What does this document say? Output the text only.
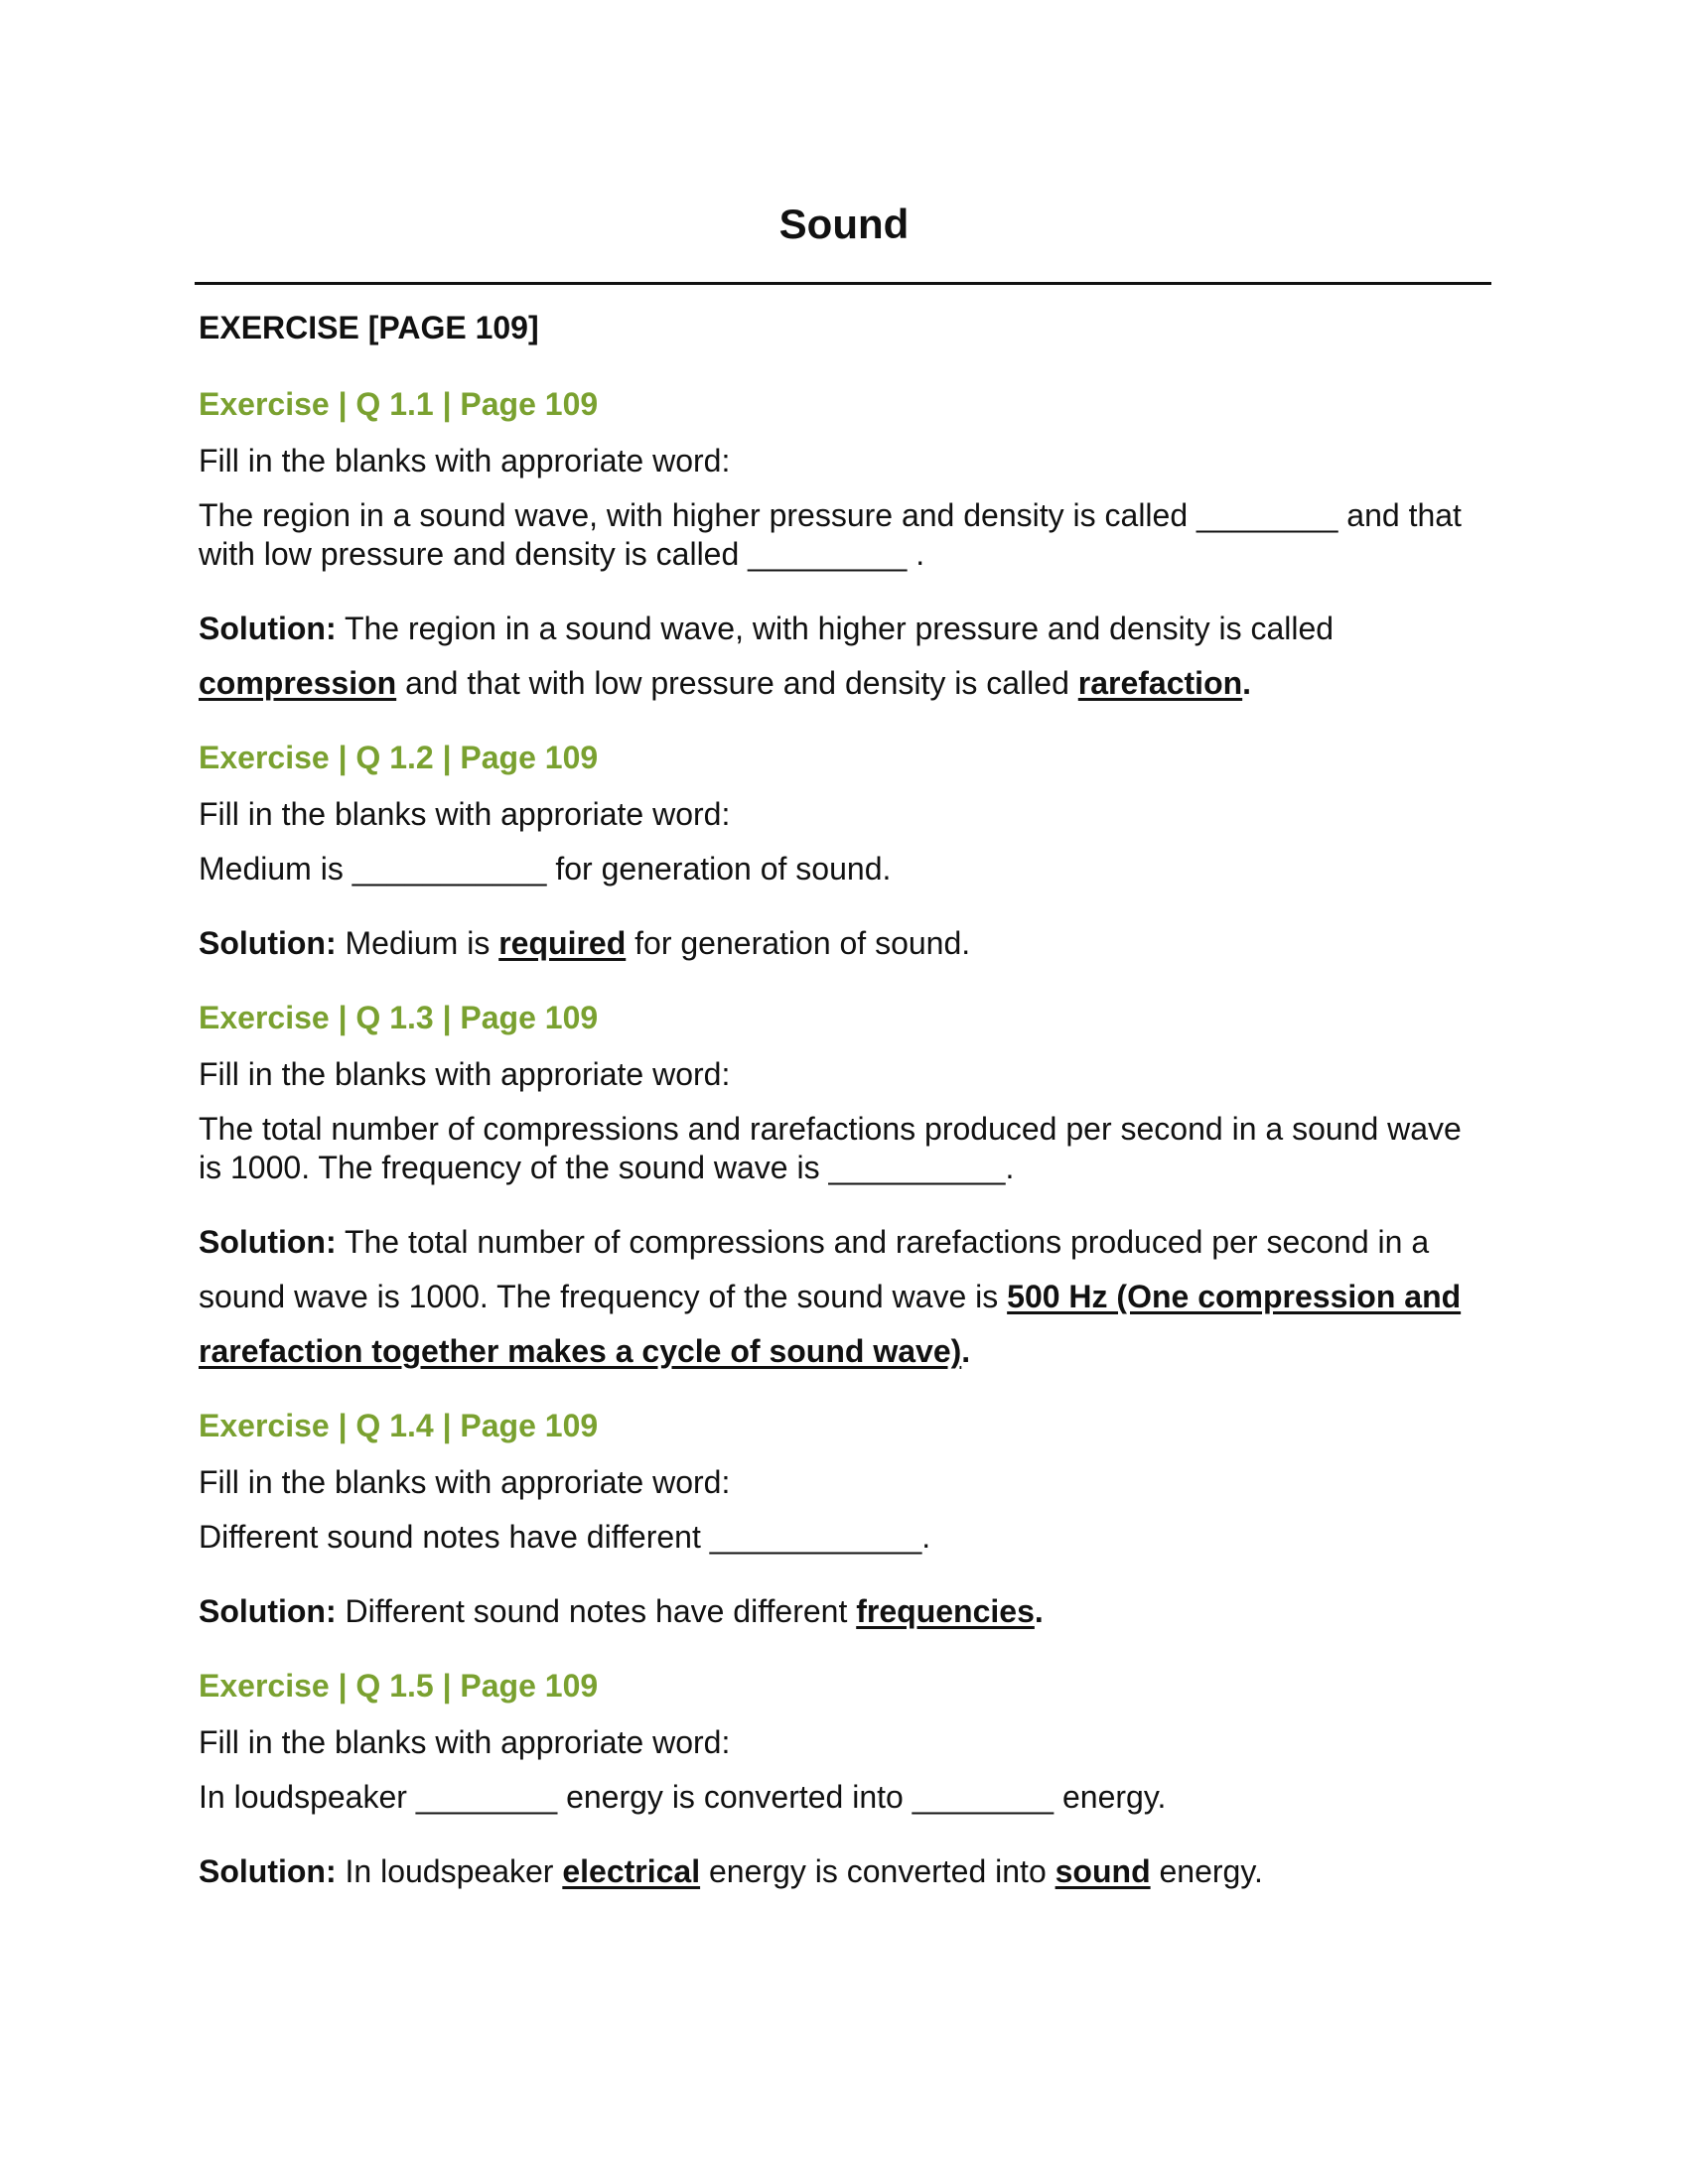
Sound
EXERCISE [PAGE 109]
Exercise | Q 1.1 | Page 109
Fill in the blanks with approriate word:
The region in a sound wave, with higher pressure and density is called ________ and that with low pressure and density is called _________ .
Solution: The region in a sound wave, with higher pressure and density is called compression and that with low pressure and density is called rarefaction.
Exercise | Q 1.2 | Page 109
Fill in the blanks with approriate word:
Medium is ___________ for generation of sound.
Solution: Medium is required for generation of sound.
Exercise | Q 1.3 | Page 109
Fill in the blanks with approriate word:
The total number of compressions and rarefactions produced per second in a sound wave is 1000. The frequency of the sound wave is __________.
Solution: The total number of compressions and rarefactions produced per second in a sound wave is 1000. The frequency of the sound wave is 500 Hz (One compression and rarefaction together makes a cycle of sound wave).
Exercise | Q 1.4 | Page 109
Fill in the blanks with approriate word:
Different sound notes have different ____________.
Solution: Different sound notes have different frequencies.
Exercise | Q 1.5 | Page 109
Fill in the blanks with approriate word:
In loudspeaker ________ energy is converted into ________ energy.
Solution: In loudspeaker electrical energy is converted into sound energy.
